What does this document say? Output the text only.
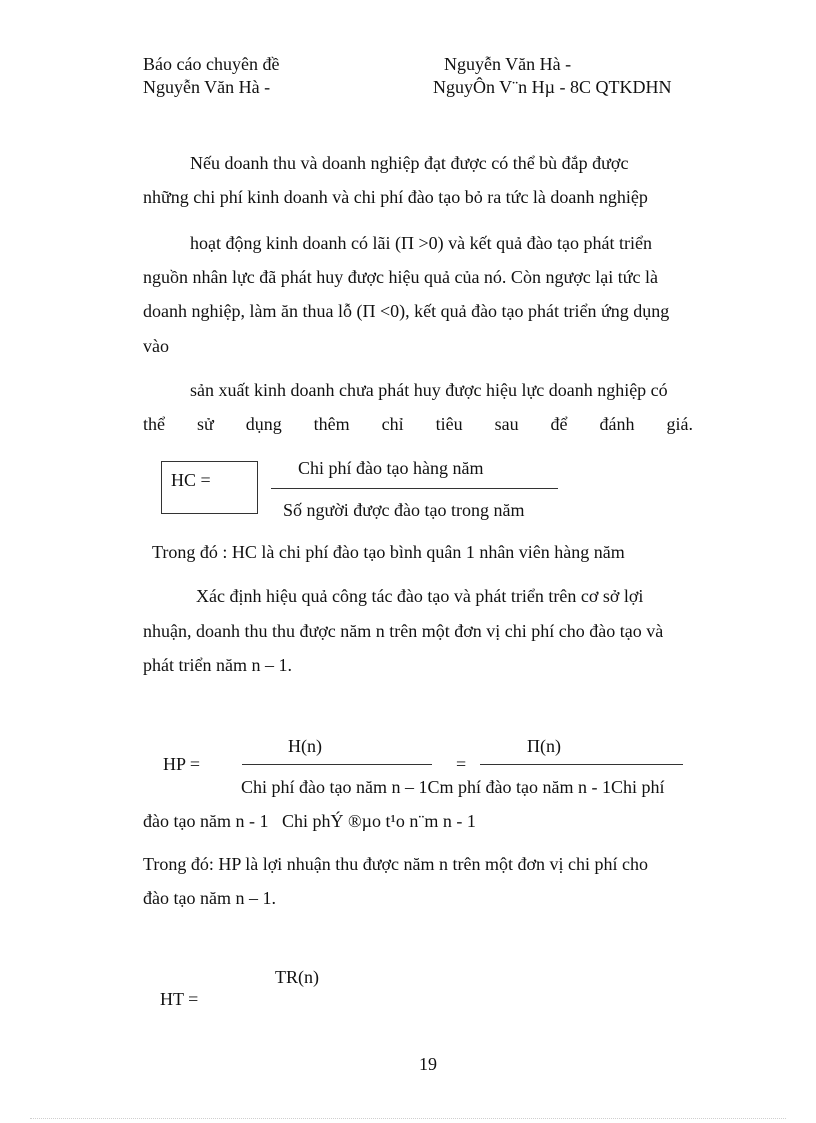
Báo cáo chuyên đề	Nguyễn Văn Hà -
Nguyễn Văn Hà -	NguyÔn V¨n Hµ - 8C QTKDHN
Nếu doanh thu và doanh nghiệp đạt được có thể bù đắp được
những chi phí kinh doanh và chi phí đào tạo bỏ ra tức là doanh nghiệp
hoạt động kinh doanh có lãi (Π >0) và kết quả đào tạo phát triển
nguồn nhân lực đã phát huy được hiệu quả của nó. Còn ngược lại tức là
doanh nghiệp, làm ăn thua lỗ (Π <0), kết quả đào tạo phát triển ứng dụng
vào
sản xuất kinh doanh chưa phát huy được hiệu lực doanh nghiệp có
thể sử dụng thêm chỉ tiêu sau để đánh giá.
HC =
Chi phí đào tạo hàng năm
Số người được đào tạo trong năm
Trong đó : HC là chi phí đào tạo bình quân 1 nhân viên hàng năm
Xác định hiệu quả công tác đào tạo và phát triển trên cơ sở lợi
nhuận, doanh thu thu được năm n trên một đơn vị chi phí cho đào tạo và
phát triển năm n – 1.
H(n)	Π(n)
HP =	=
Chi phí đào tạo năm n – 1Cm phí đào tạo năm n - 1Chi phí
đào tạo năm n - 1   Chi phÝ ®µo t¹o n¨m n - 1
Trong đó: HP là lợi nhuận thu được năm n trên một đơn vị chi phí cho
đào tạo năm n – 1.
TR(n)
HT =
19
